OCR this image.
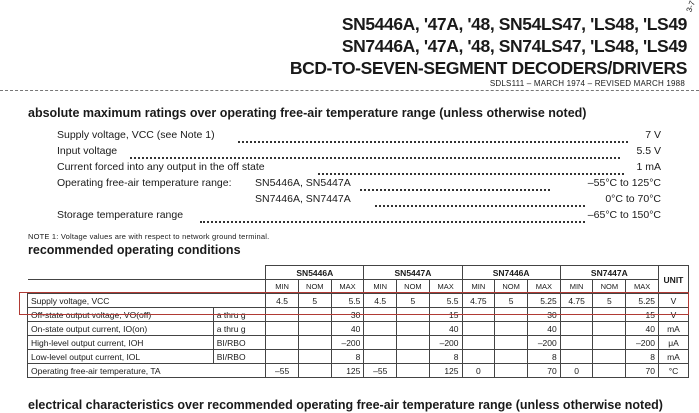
3-7
SN5446A, '47A, '48, SN54LS47, 'LS48, 'LS49
SN7446A, '47A, '48, SN74LS47, 'LS48, 'LS49
BCD-TO-SEVEN-SEGMENT DECODERS/DRIVERS
SDLS111 – MARCH 1974 – REVISED MARCH 1988
absolute maximum ratings over operating free-air temperature range (unless otherwise noted)
Supply voltage, VCC (see Note 1)	7 V
Input voltage	5.5 V
Current forced into any output in the off state	1 mA
Operating free-air temperature range: SN5446A, SN5447A	–55°C to 125°C
SN7446A, SN7447A	0°C to 70°C
Storage temperature range	–65°C to 150°C
NOTE 1: Voltage values are with respect to network ground terminal.
recommended operating conditions
		SN5446A			SN5447A			SN7446A			SN7447A			UNIT
		MIN	NOM	MAX	MIN	NOM	MAX	MIN	NOM	MAX	MIN	NOM	MAX	
Supply voltage, VCC		4.5	5	5.5	4.5	5	5.5	4.75	5	5.25	4.75	5	5.25	V
Off-state output voltage, VO(off)	a thru g			30			15			30			15	V
On-state output current, IO(on)	a thru g			40			40			40			40	mA
High-level output current, IOH	BI/RBO			–200			–200			–200			–200	μA
Low-level output current, IOL	BI/RBO			8			8			8			8	mA
Operating free-air temperature, TA		–55		125	–55		125	0		70	0		70	°C
electrical characteristics over recommended operating free-air temperature range (unless otherwise noted)
